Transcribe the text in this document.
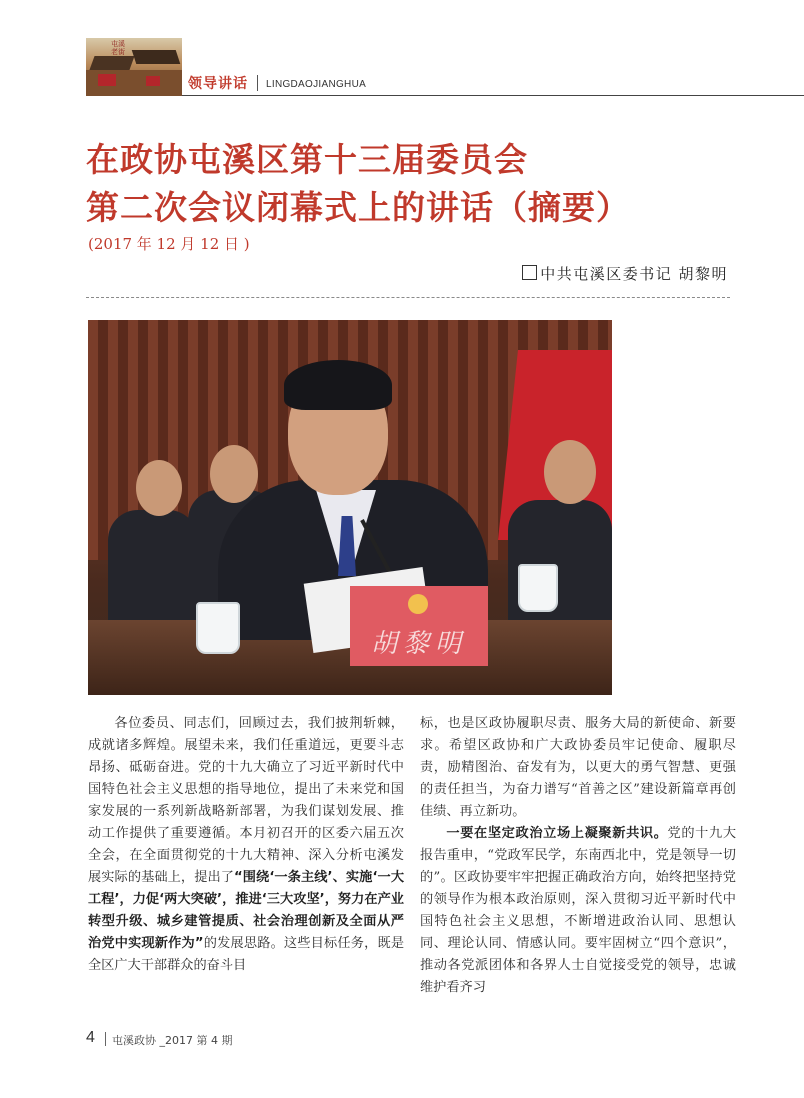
屯溪老街
领导讲话 LINGDAOJIANGHUA
在政协屯溪区第十三届委员会
第二次会议闭幕式上的讲话（摘要）
(2017 年 12 月 12 日 )
中共屯溪区委书记 胡黎明
胡黎明

各位委员、同志们，回顾过去，我们披荆斩棘，成就诸多辉煌。展望未来，我们任重道远，更要斗志昂扬、砥砺奋进。党的十九大确立了习近平新时代中国特色社会主义思想的指导地位，提出了未来党和国家发展的一系列新战略新部署，为我们谋划发展、推动工作提供了重要遵循。本月初召开的区委六届五次全会，在全面贯彻党的十九大精神、深入分析屯溪发展实际的基础上，提出了“围绕‘一条主线’、实施‘一大工程’，力促‘两大突破’，推进‘三大攻坚’，努力在产业转型升级、城乡建管提质、社会治理创新及全面从严治党中实现新作为”的发展思路。这些目标任务，既是全区广大干部群众的奋斗目

标，也是区政协履职尽责、服务大局的新使命、新要求。希望区政协和广大政协委员牢记使命、履职尽责，励精图治、奋发有为，以更大的勇气智慧、更强的责任担当，为奋力谱写“首善之区”建设新篇章再创佳绩、再立新功。

一要在坚定政治立场上凝聚新共识。党的十九大报告重申，“党政军民学，东南西北中，党是领导一切的”。区政协要牢牢把握正确政治方向，始终把坚持党的领导作为根本政治原则，深入贯彻习近平新时代中国特色社会主义思想，不断增进政治认同、思想认同、理论认同、情感认同。要牢固树立“四个意识”，推动各党派团体和各界人士自觉接受党的领导，忠诚维护看齐习

4 屯溪政协 _2017 第 4 期
